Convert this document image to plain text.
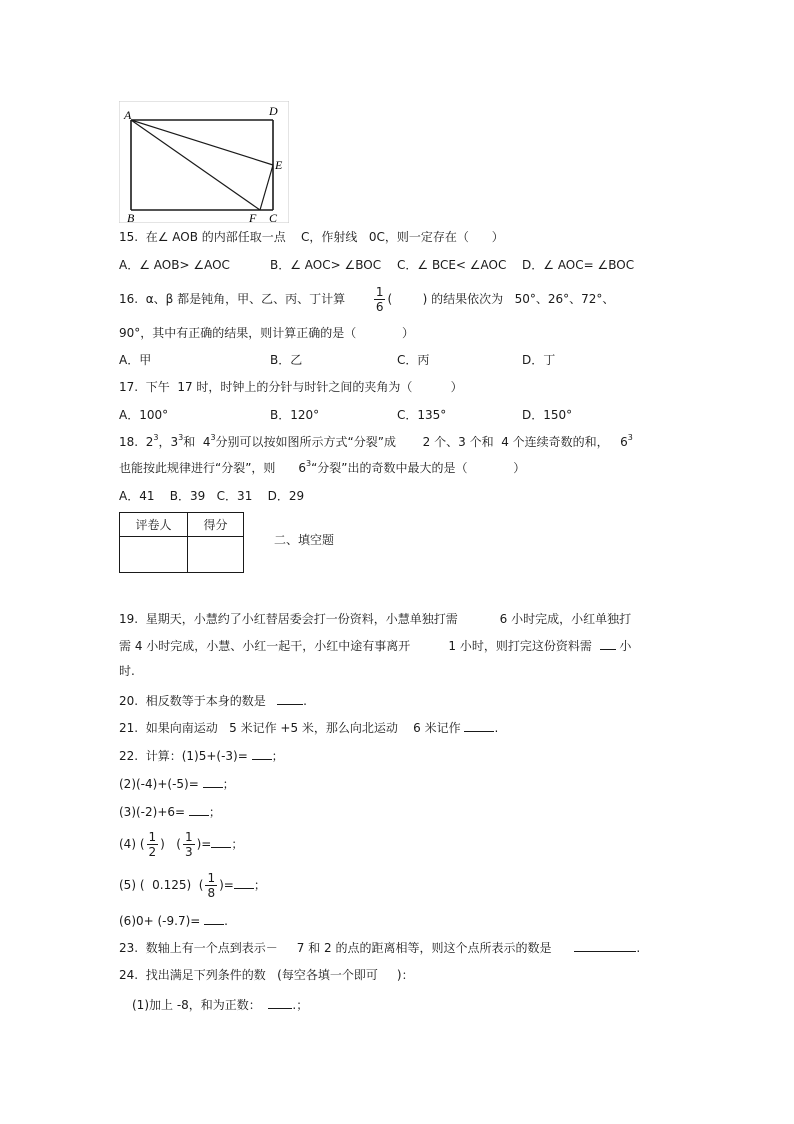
A	D
E
B	F C
15.  在∠ AOB 的内部任取一点    C，作射线   0C，则一定存在（      ）
A．∠ AOB> ∠AOC	B．∠ AOC> ∠BOC C．∠ BCE< ∠AOC D．∠ AOC= ∠BOC
16.  α、β 都是钝角，甲、乙、丙、丁计算 $\frac{1}{6}$ (        ) 的结果依次为   50°、26°、72°、
90°，其中有正确的结果，则计算正确的是（            ）
A．甲	B．乙	C．丙	D．丁
17.  下午  17 时，时钟上的分针与时针之间的夹角为（          ）
A．100°	B．120°	C．135°	D．150°
18.  $2^3$，$3^3$和  $4^3$分别可以按如图所示方式“分裂”成       2 个、3 个和  4 个连续奇数的和，   $6^3$
也能按此规律进行“分裂”，则      $6^3“$分裂”出的奇数中最大的是（            ）
A．41    B．39   C．31    D．29
评卷人	得分

二、填空题
19.  星期天，小慧约了小红替居委会打一份资料，小慧单独打需           6 小时完成，小红单独打
需 4 小时完成，小慧、小红一起干，小红中途有事离开          1 小时，则打完这份资料需 小
时.
20.  相反数等于本身的数是	.
21.  如果向南运动   5 米记作 +5 米，那么向北运动    6 米记作	.
22.  计算：(1)5+(-3)= ；
(2)(-4)+(-5)= ；
(3)(-2)+6= ；
(4) ( $\frac{1}{2}$ )   ( $\frac{1}{3}$ )= ；
(5) (  0.125)  ( $\frac{1}{8}$ )= ；
(6)0+ (-9.7)= .
23.  数轴上有一个点到表示－     7 和 2 的点的距离相等，则这个点所表示的数是	.
24.  找出满足下列条件的数   (每空各填一个即可     )：
(1)加上 -8，和为正数：	.；
